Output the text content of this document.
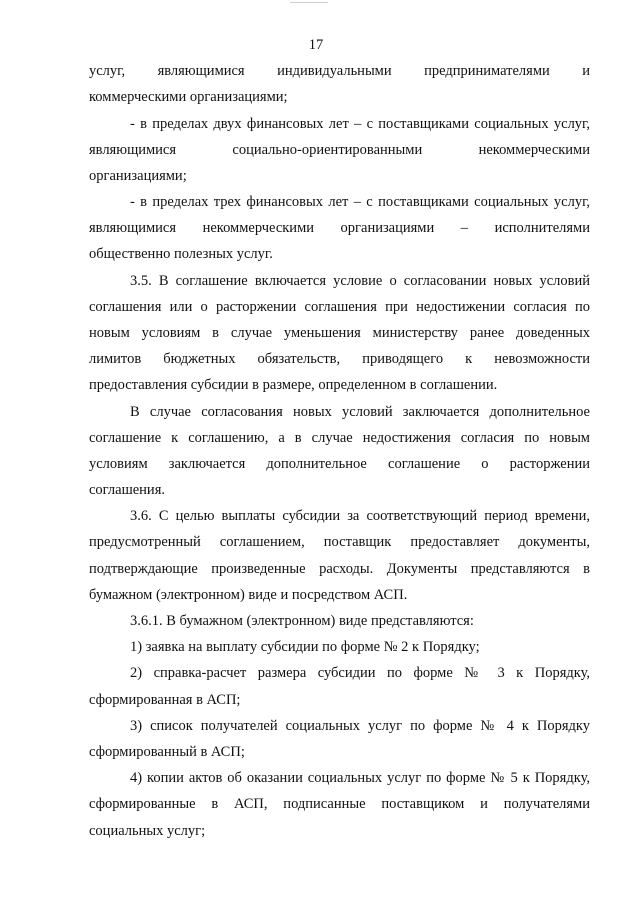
17
услуг, являющимися индивидуальными предпринимателями и
коммерческими организациями;
- в пределах двух финансовых лет – с поставщиками социальных услуг,
являющимися социально-ориентированными некоммерческими
организациями;
- в пределах трех финансовых лет – с поставщиками социальных услуг,
являющимися некоммерческими организациями – исполнителями
общественно полезных услуг.
3.5. В соглашение включается условие о согласовании новых условий
соглашения или о расторжении соглашения при недостижении согласия по
новым условиям в случае уменьшения министерству ранее доведенных
лимитов бюджетных обязательств, приводящего к невозможности
предоставления субсидии в размере, определенном в соглашении.
В случае согласования новых условий заключается дополнительное
соглашение к соглашению, а в случае недостижения согласия по новым
условиям заключается дополнительное соглашение о расторжении
соглашения.
3.6. С целью выплаты субсидии за соответствующий период времени,
предусмотренный соглашением, поставщик предоставляет документы,
подтверждающие произведенные расходы. Документы представляются в
бумажном (электронном) виде и посредством АСП.
3.6.1. В бумажном (электронном) виде представляются:
1) заявка на выплату субсидии по форме № 2 к Порядку;
2) справка-расчет размера субсидии по форме № 3 к Порядку,
сформированная в АСП;
3) список получателей социальных услуг по форме № 4 к Порядку
сформированный в АСП;
4) копии актов об оказании социальных услуг по форме № 5 к Порядку,
сформированные в АСП, подписанные поставщиком и получателями
социальных услуг;
